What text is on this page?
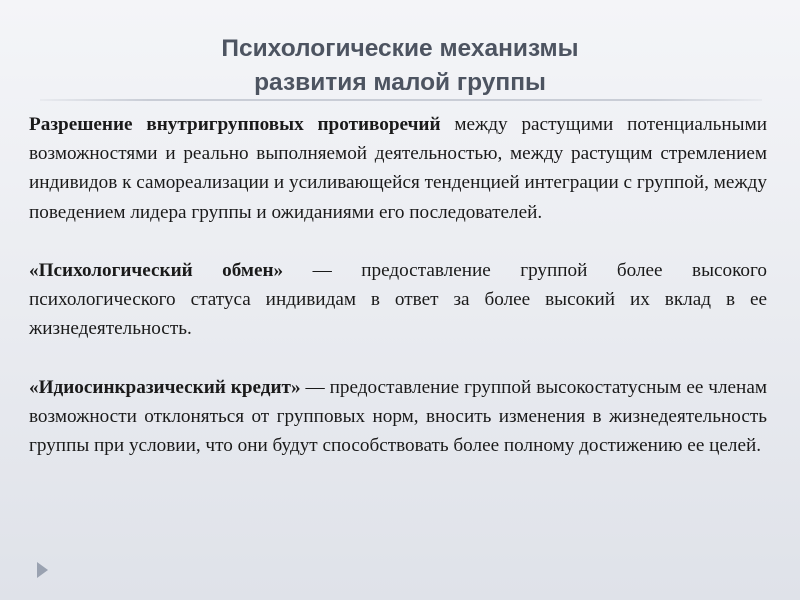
Психологические механизмы
развития малой группы

Разрешение внутригрупповых противоречий между растущими потенциальными возможностями и реально выполняемой деятельностью, между растущим стремлением индивидов к самореализации и усиливающейся тенденцией интеграции с группой, между поведением лидера группы и ожиданиями его последователей.

«Психологический обмен» — предоставление группой более высокого психологического статуса индивидам в ответ за более высокий их вклад в ее жизнедеятельность.

«Идиосинкразический кредит» — предоставление группой высокостатусным ее членам возможности отклоняться от групповых норм, вносить изменения в жизнедеятельность группы при условии, что они будут способствовать более полному достижению ее целей.
